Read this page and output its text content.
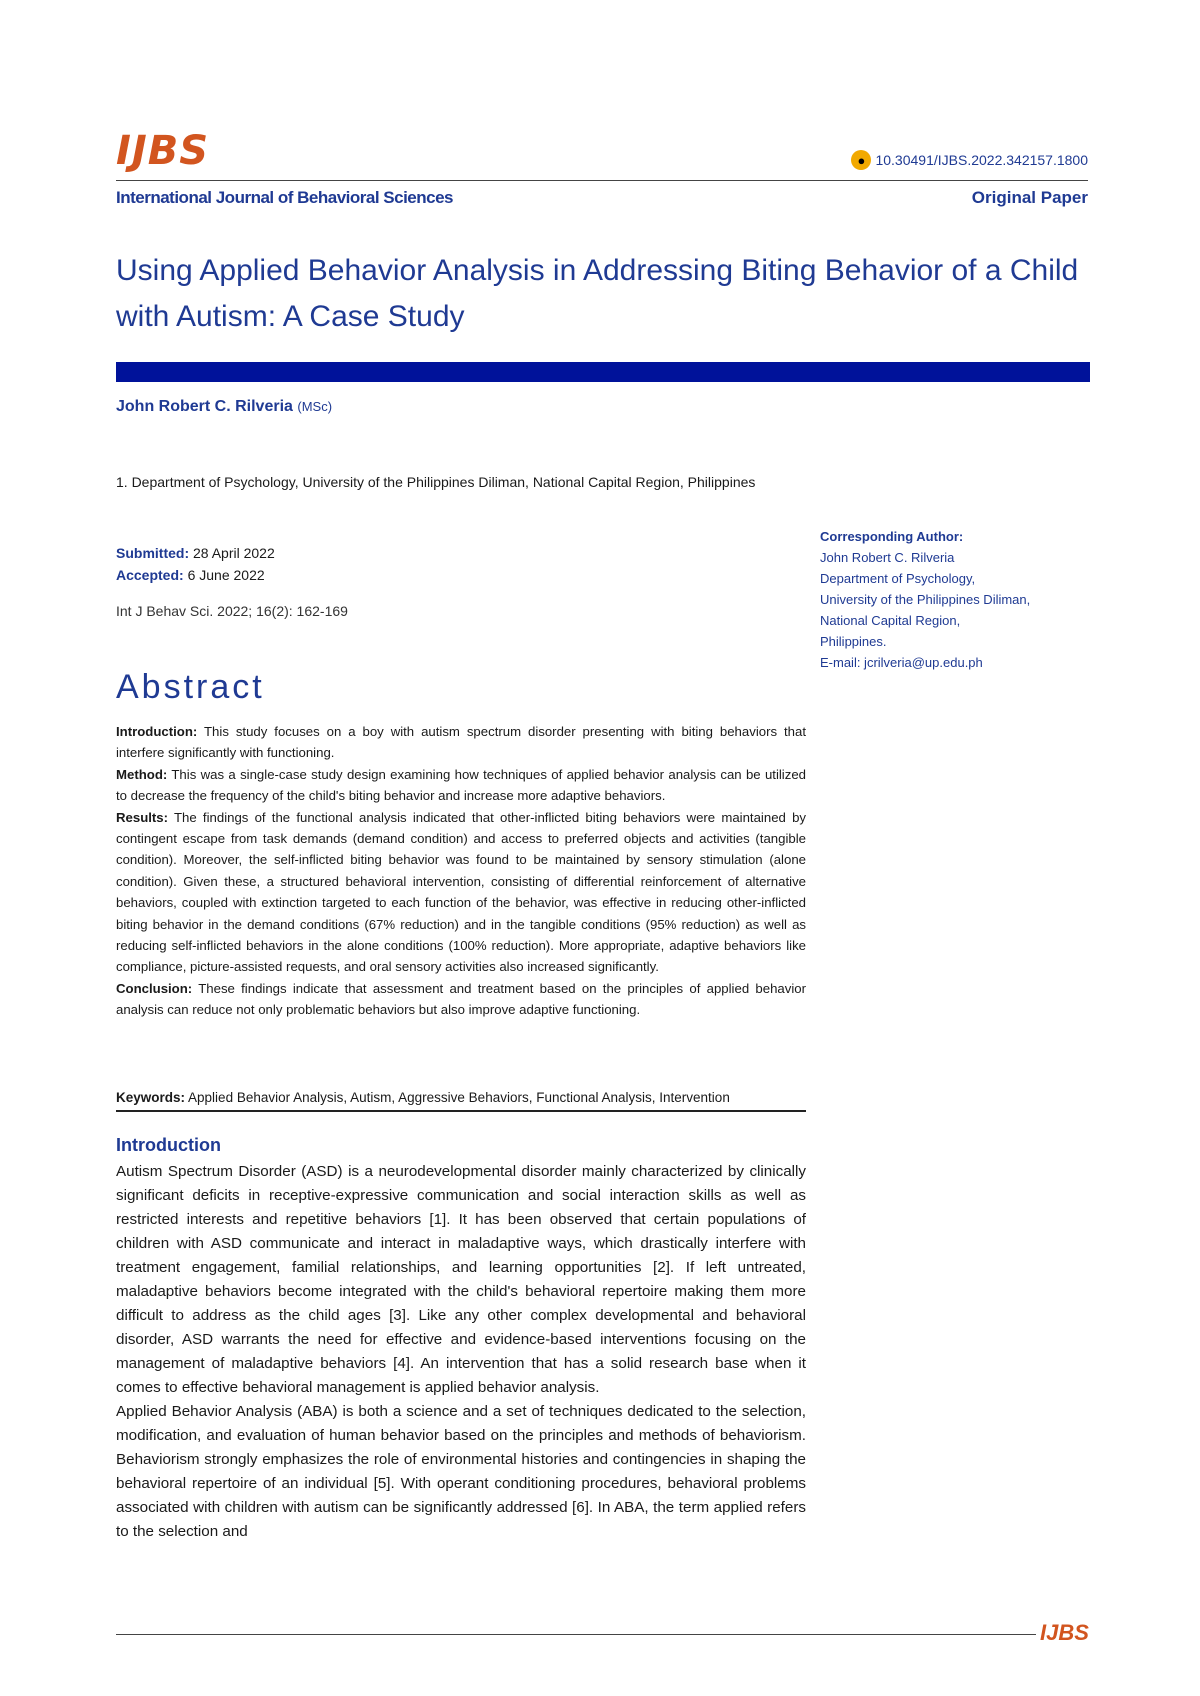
IJBS	● 10.30491/IJBS.2022.342157.1800
International Journal of Behavioral Sciences	Original Paper
Using Applied Behavior Analysis in Addressing Biting Behavior of a Child with Autism: A Case Study
John Robert C. Rilveria (MSc)
1. Department of Psychology, University of the Philippines Diliman, National Capital Region, Philippines
Submitted: 28 April 2022
Accepted: 6 June 2022
Int J Behav Sci. 2022; 16(2): 162-169
Corresponding Author:
John Robert C. Rilveria
Department of Psychology,
University of the Philippines Diliman,
National Capital Region,
Philippines.
E-mail: jcrilveria@up.edu.ph
Abstract

Introduction: This study focuses on a boy with autism spectrum disorder presenting with biting behaviors that interfere significantly with functioning.

Method: This was a single-case study design examining how techniques of applied behavior analysis can be utilized to decrease the frequency of the child's biting behavior and increase more adaptive behaviors.

Results: The findings of the functional analysis indicated that other-inflicted biting behaviors were maintained by contingent escape from task demands (demand condition) and access to preferred objects and activities (tangible condition). Moreover, the self-inflicted biting behavior was found to be maintained by sensory stimulation (alone condition). Given these, a structured behavioral intervention, consisting of differential reinforcement of alternative behaviors, coupled with extinction targeted to each function of the behavior, was effective in reducing other-inflicted biting behavior in the demand conditions (67% reduction) and in the tangible conditions (95% reduction) as well as reducing self-inflicted behaviors in the alone conditions (100% reduction). More appropriate, adaptive behaviors like compliance, picture-assisted requests, and oral sensory activities also increased significantly.

Conclusion: These findings indicate that assessment and treatment based on the principles of applied behavior analysis can reduce not only problematic behaviors but also improve adaptive functioning.

Keywords: Applied Behavior Analysis, Autism, Aggressive Behaviors, Functional Analysis, Intervention
Introduction

Autism Spectrum Disorder (ASD) is a neurodevelopmental disorder mainly characterized by clinically significant deficits in receptive-expressive communication and social interaction skills as well as restricted interests and repetitive behaviors [1]. It has been observed that certain populations of children with ASD communicate and interact in maladaptive ways, which drastically interfere with treatment engagement, familial relationships, and learning opportunities [2]. If left untreated, maladaptive behaviors become integrated with the child's behavioral repertoire making them more difficult to address as the child ages [3]. Like any other complex developmental and behavioral disorder, ASD warrants the need for effective and evidence-based interventions focusing on the management of maladaptive behaviors [4]. An intervention that has a solid research base when it comes to effective behavioral management is applied behavior analysis.

Applied Behavior Analysis (ABA) is both a science and a set of techniques dedicated to the selection, modification, and evaluation of human behavior based on the principles and methods of behaviorism. Behaviorism strongly emphasizes the role of environmental histories and contingencies in shaping the behavioral repertoire of an individual [5]. With operant conditioning procedures, behavioral problems associated with children with autism can be significantly addressed [6]. In ABA, the term applied refers to the selection and

IJBS
